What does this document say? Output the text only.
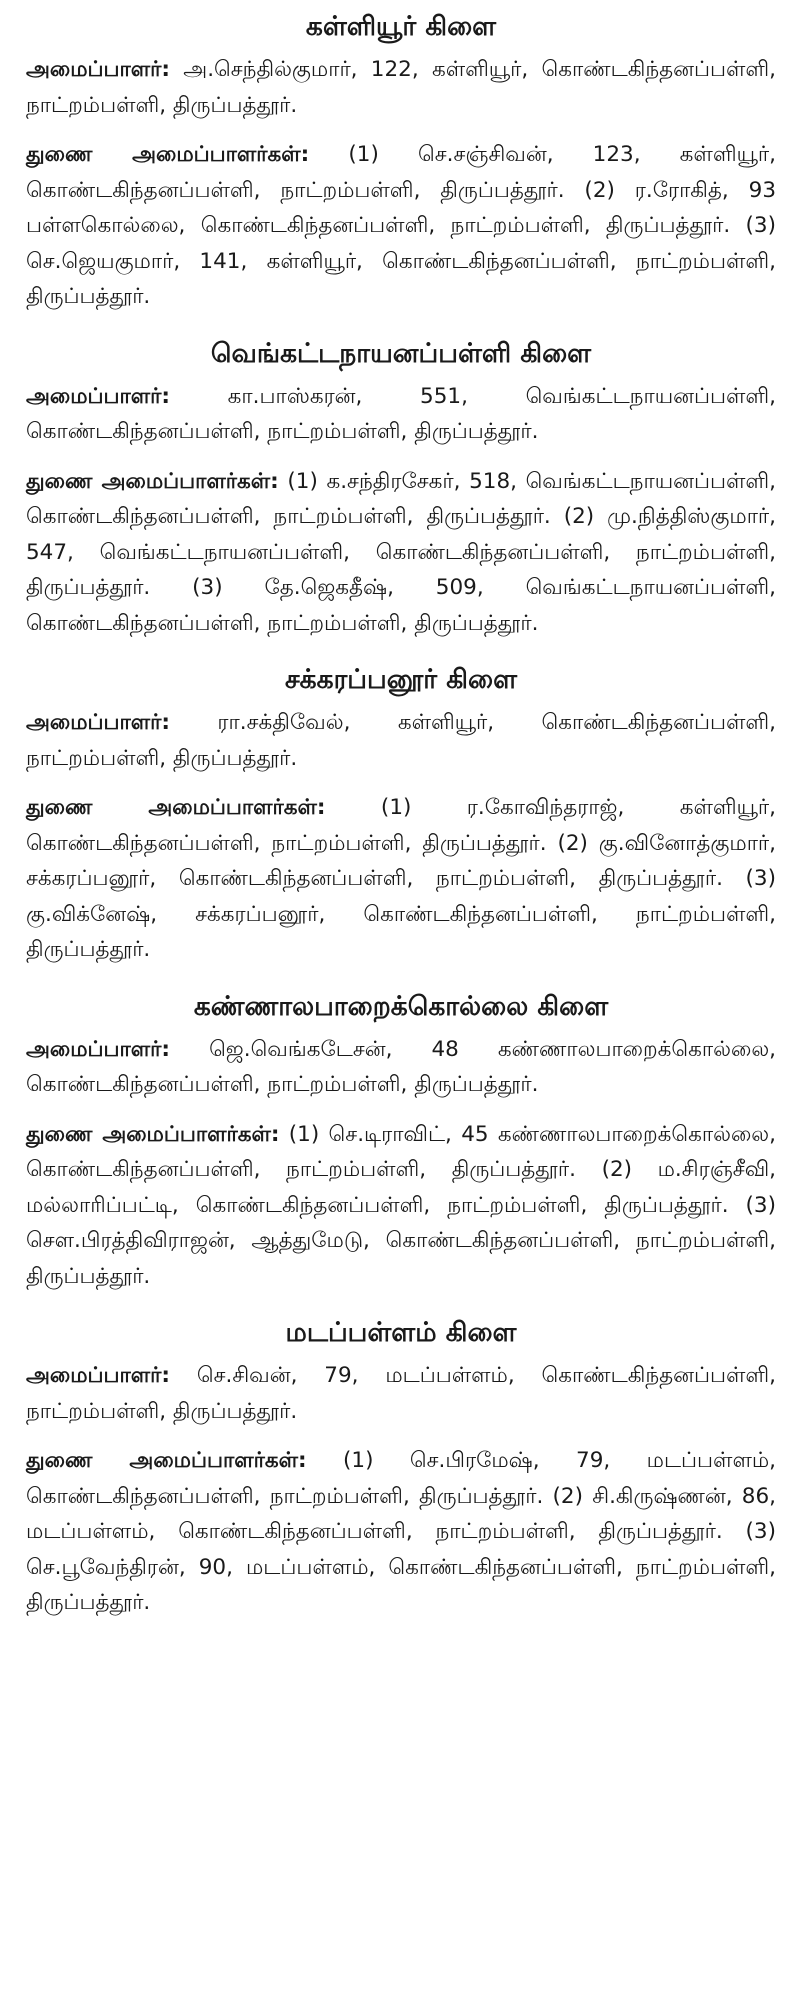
கள்ளியூர் கிளை

அமைப்பாளர்: அ.செந்தில்குமார், 122, கள்ளியூர், கொண்டகிந்தனப்பள்ளி, நாட்றம்பள்ளி, திருப்பத்தூர்.

துணை அமைப்பாளர்கள்: (1) செ.சஞ்சிவன், 123, கள்ளியூர், கொண்டகிந்தனப்பள்ளி, நாட்றம்பள்ளி, திருப்பத்தூர். (2) ர.ரோகித், 93 பள்ளகொல்லை, கொண்டகிந்தனப்பள்ளி, நாட்றம்பள்ளி, திருப்பத்தூர். (3) செ.ஜெயகுமார், 141, கள்ளியூர், கொண்டகிந்தனப்பள்ளி, நாட்றம்பள்ளி, திருப்பத்தூர்.

வெங்கட்டநாயனப்பள்ளி கிளை

அமைப்பாளர்: கா.பாஸ்கரன், 551, வெங்கட்டநாயனப்பள்ளி, கொண்டகிந்தனப்பள்ளி, நாட்றம்பள்ளி, திருப்பத்தூர்.

துணை அமைப்பாளர்கள்: (1) க.சந்திரசேகர், 518, வெங்கட்டநாயனப்பள்ளி, கொண்டகிந்தனப்பள்ளி, நாட்றம்பள்ளி, திருப்பத்தூர். (2) மு.நித்திஸ்குமார், 547, வெங்கட்டநாயனப்பள்ளி, கொண்டகிந்தனப்பள்ளி, நாட்றம்பள்ளி, திருப்பத்தூர். (3) தே.ஜெகதீஷ், 509, வெங்கட்டநாயனப்பள்ளி, கொண்டகிந்தனப்பள்ளி, நாட்றம்பள்ளி, திருப்பத்தூர்.

சக்கரப்பனூர் கிளை

அமைப்பாளர்: ரா.சக்திவேல், கள்ளியூர், கொண்டகிந்தனப்பள்ளி, நாட்றம்பள்ளி, திருப்பத்தூர்.

துணை அமைப்பாளர்கள்: (1) ர.கோவிந்தராஜ், கள்ளியூர், கொண்டகிந்தனப்பள்ளி, நாட்றம்பள்ளி, திருப்பத்தூர். (2) கு.வினோத்குமார், சக்கரப்பனூர், கொண்டகிந்தனப்பள்ளி, நாட்றம்பள்ளி, திருப்பத்தூர். (3) கு.விக்னேஷ், சக்கரப்பனூர், கொண்டகிந்தனப்பள்ளி, நாட்றம்பள்ளி, திருப்பத்தூர்.

கண்ணாலபாறைக்கொல்லை கிளை

அமைப்பாளர்: ஜெ.வெங்கடேசன், 48 கண்ணாலபாறைக்கொல்லை, கொண்டகிந்தனப்பள்ளி, நாட்றம்பள்ளி, திருப்பத்தூர்.

துணை அமைப்பாளர்கள்: (1) செ.டிராவிட், 45 கண்ணாலபாறைக்கொல்லை, கொண்டகிந்தனப்பள்ளி, நாட்றம்பள்ளி, திருப்பத்தூர். (2) ம.சிரஞ்சீவி, மல்லாரிப்பட்டி, கொண்டகிந்தனப்பள்ளி, நாட்றம்பள்ளி, திருப்பத்தூர். (3) சௌ.பிரத்திவிராஜன், ஆத்துமேடு, கொண்டகிந்தனப்பள்ளி, நாட்றம்பள்ளி, திருப்பத்தூர்.

மடப்பள்ளம் கிளை

அமைப்பாளர்: செ.சிவன், 79, மடப்பள்ளம், கொண்டகிந்தனப்பள்ளி, நாட்றம்பள்ளி, திருப்பத்தூர்.

துணை அமைப்பாளர்கள்: (1) செ.பிரமேஷ், 79, மடப்பள்ளம், கொண்டகிந்தனப்பள்ளி, நாட்றம்பள்ளி, திருப்பத்தூர். (2) சி.கிருஷ்ணன், 86, மடப்பள்ளம், கொண்டகிந்தனப்பள்ளி, நாட்றம்பள்ளி, திருப்பத்தூர். (3) செ.பூவேந்திரன், 90, மடப்பள்ளம், கொண்டகிந்தனப்பள்ளி, நாட்றம்பள்ளி, திருப்பத்தூர்.
